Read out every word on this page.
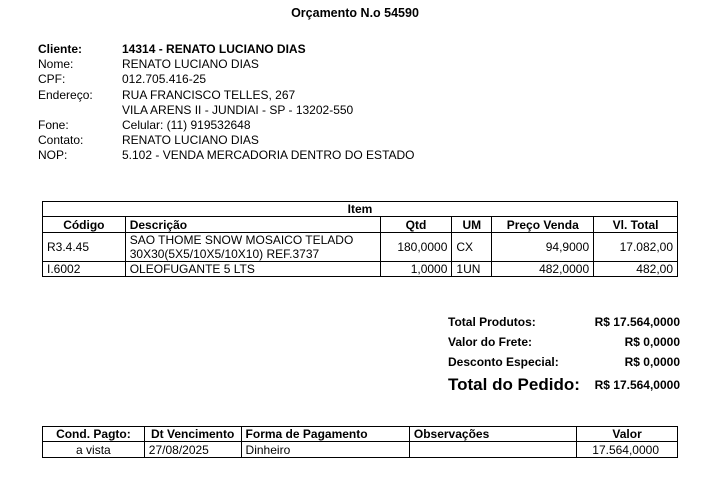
Orçamento N.o 54590
Cliente:	14314 - RENATO LUCIANO DIAS
Nome:	RENATO LUCIANO DIAS
CPF:	012.705.416-25
Endereço:	RUA FRANCISCO TELLES, 267
	VILA ARENS II - JUNDIAI - SP - 13202-550
Fone:	Celular: (11) 919532648
Contato:	RENATO LUCIANO DIAS
NOP:	5.102 - VENDA MERCADORIA DENTRO DO ESTADO
Item					
Código	Descrição	Qtd	UM	Preço Venda	Vl. Total
R3.4.45	SAO THOME SNOW MOSAICO TELADO
30X30(5X5/10X5/10X10) REF.3737	180,0000	CX	94,9000	17.082,00
I.6002	OLEOFUGANTE 5 LTS	1,0000	1UN	482,0000	482,00
Total Produtos:	R$ 17.564,0000
Valor do Frete:	R$ 0,0000
Desconto Especial:	R$ 0,0000
Total do Pedido:	R$ 17.564,0000
Cond. Pagto:	Dt Vencimento	Forma de Pagamento	Observações	Valor
a vista	27/08/2025	Dinheiro		17.564,0000
